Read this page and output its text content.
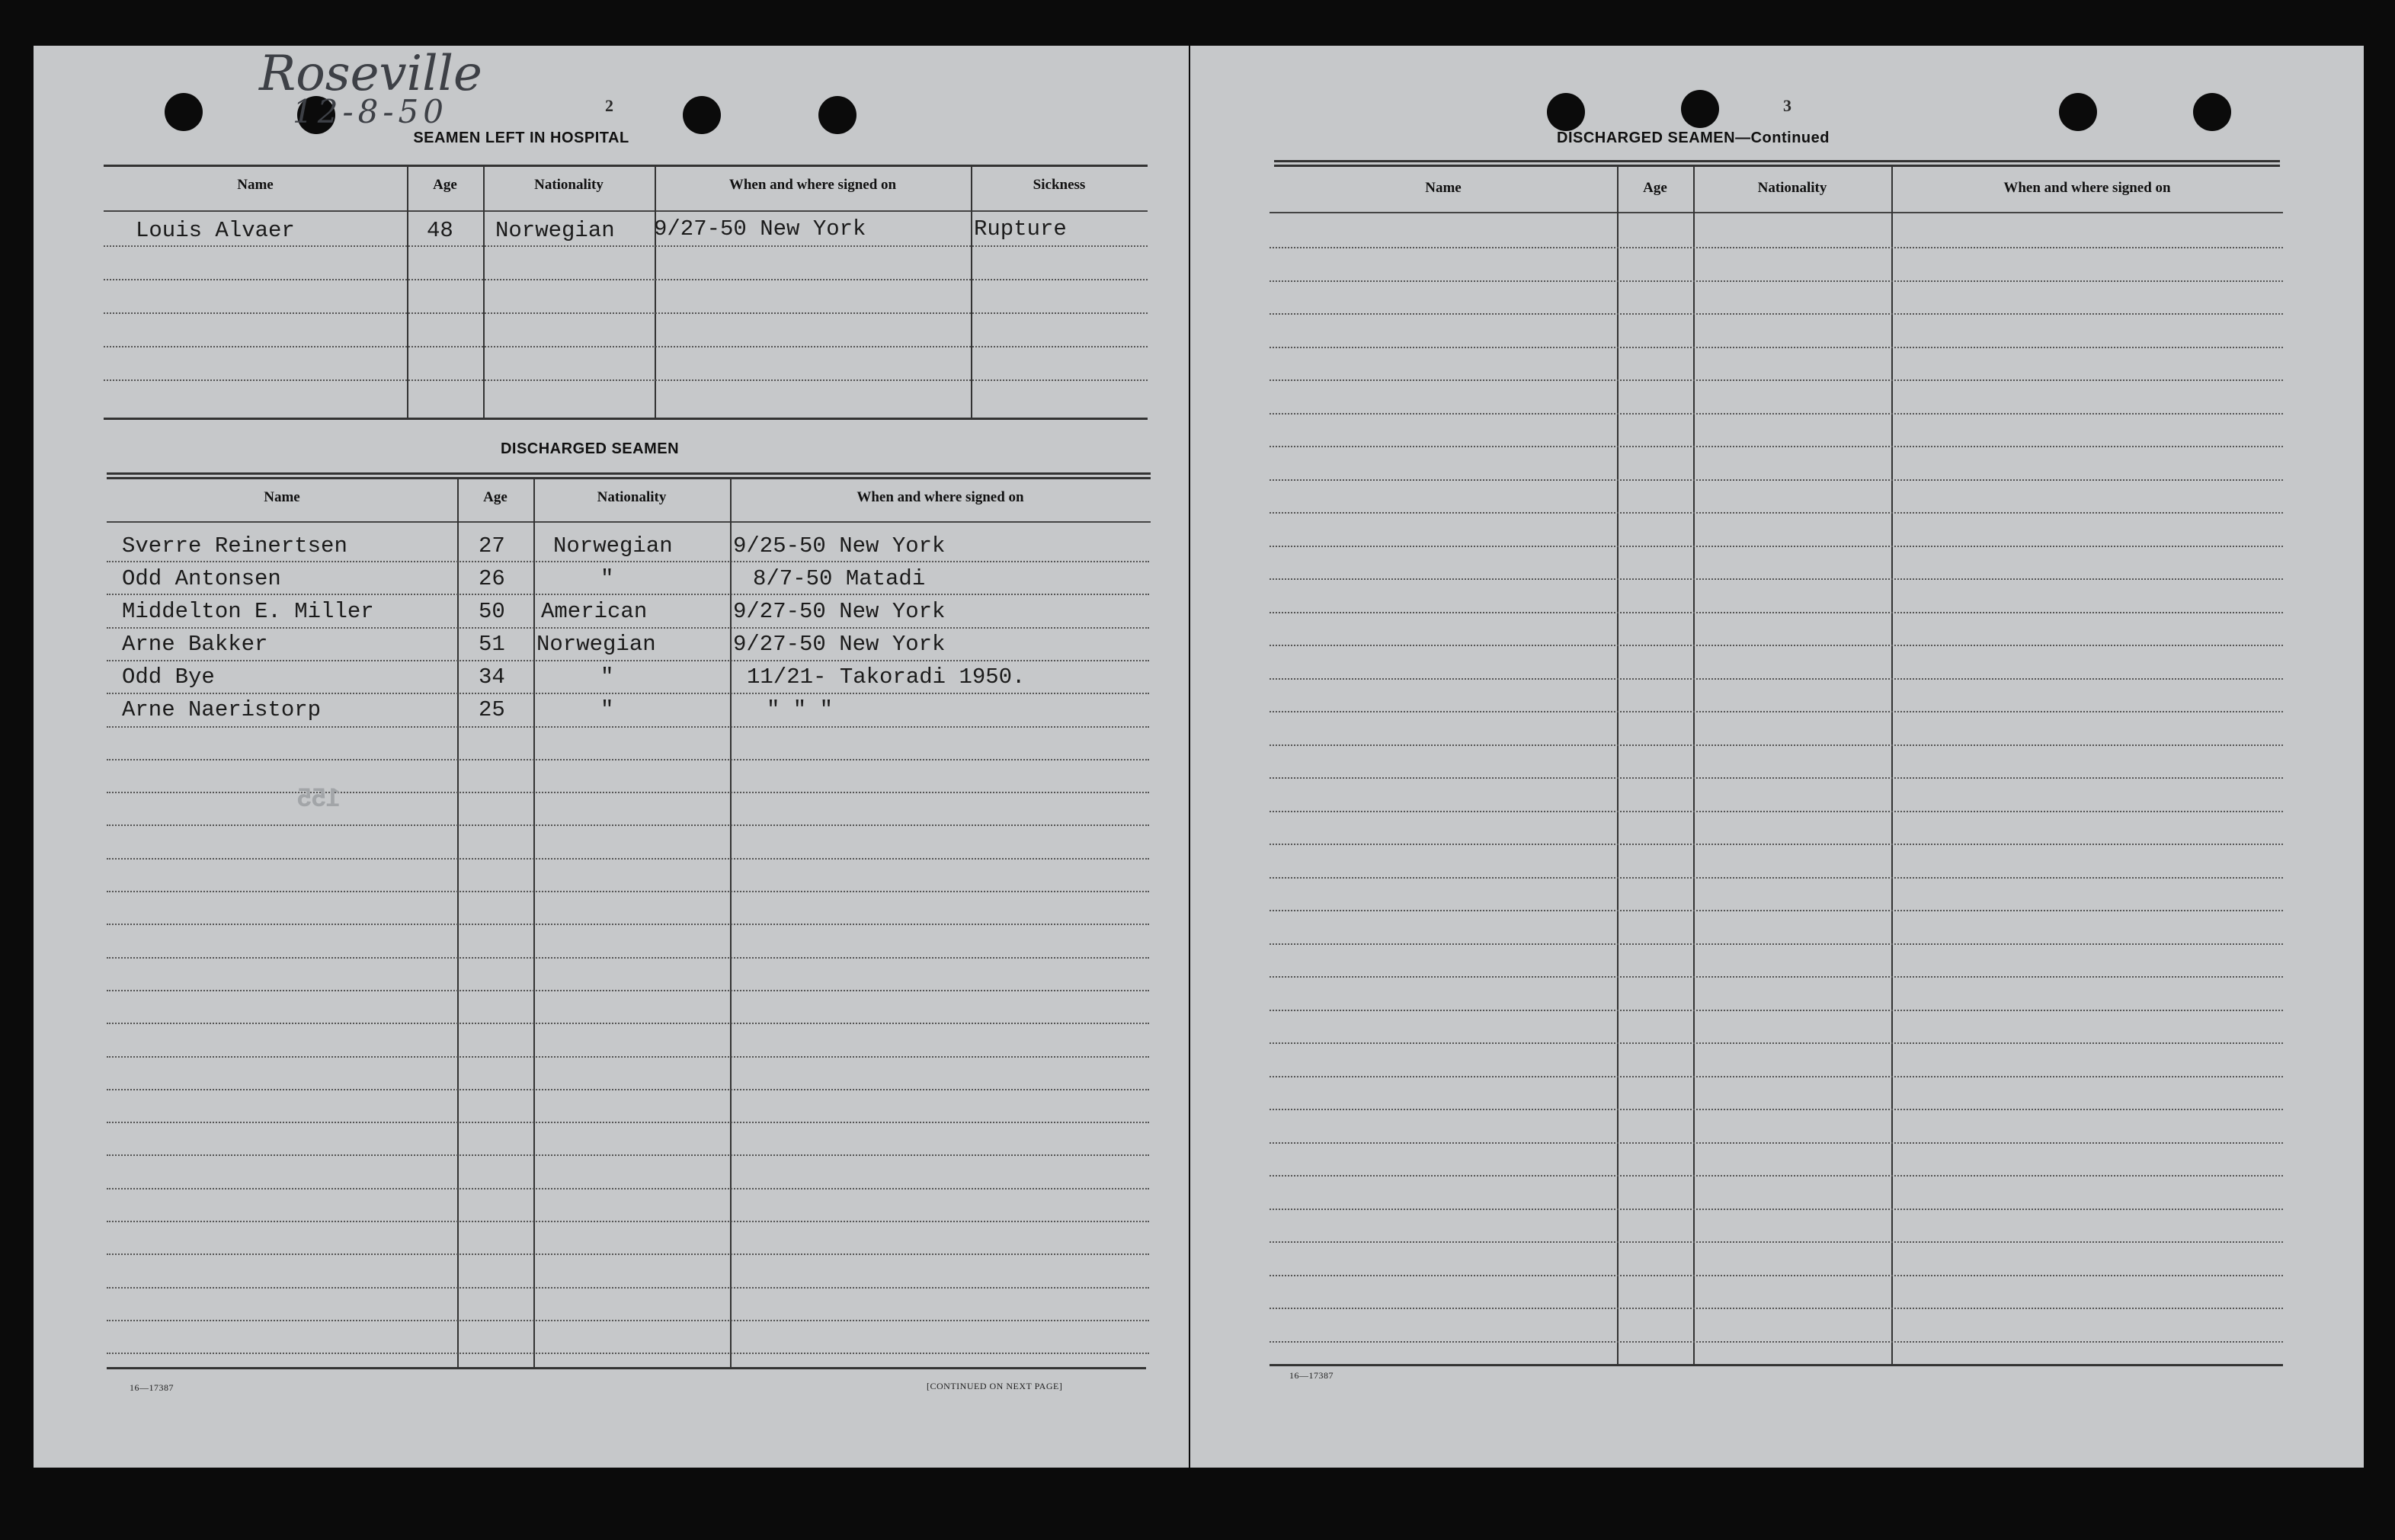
Roseville
12-8-50	2
SEAMEN LEFT IN HOSPITAL
Name	Age	Nationality	When and where signed on	Sickness
Louis Alvaer	48 Norwegian 9/27-50 New York	Rupture
DISCHARGED SEAMEN
Name	Age	Nationality	When and where signed on
Sverre Reinertsen	27 Norwegian	9/25-50 New York
Odd Antonsen	26	"	8/7-50 Matadi
Middelton E. Miller	50 American	9/27-50 New York
Arne Bakker	51 Norwegian	9/27-50 New York
Odd Bye	34	"	11/21- Takoradi 1950.
Arne Naeristorp	25	"	" " "
155
16—17387	[CONTINUED ON NEXT PAGE]
3
DISCHARGED SEAMEN—Continued
Name	Age	Nationality	When and where signed on
16—17387
